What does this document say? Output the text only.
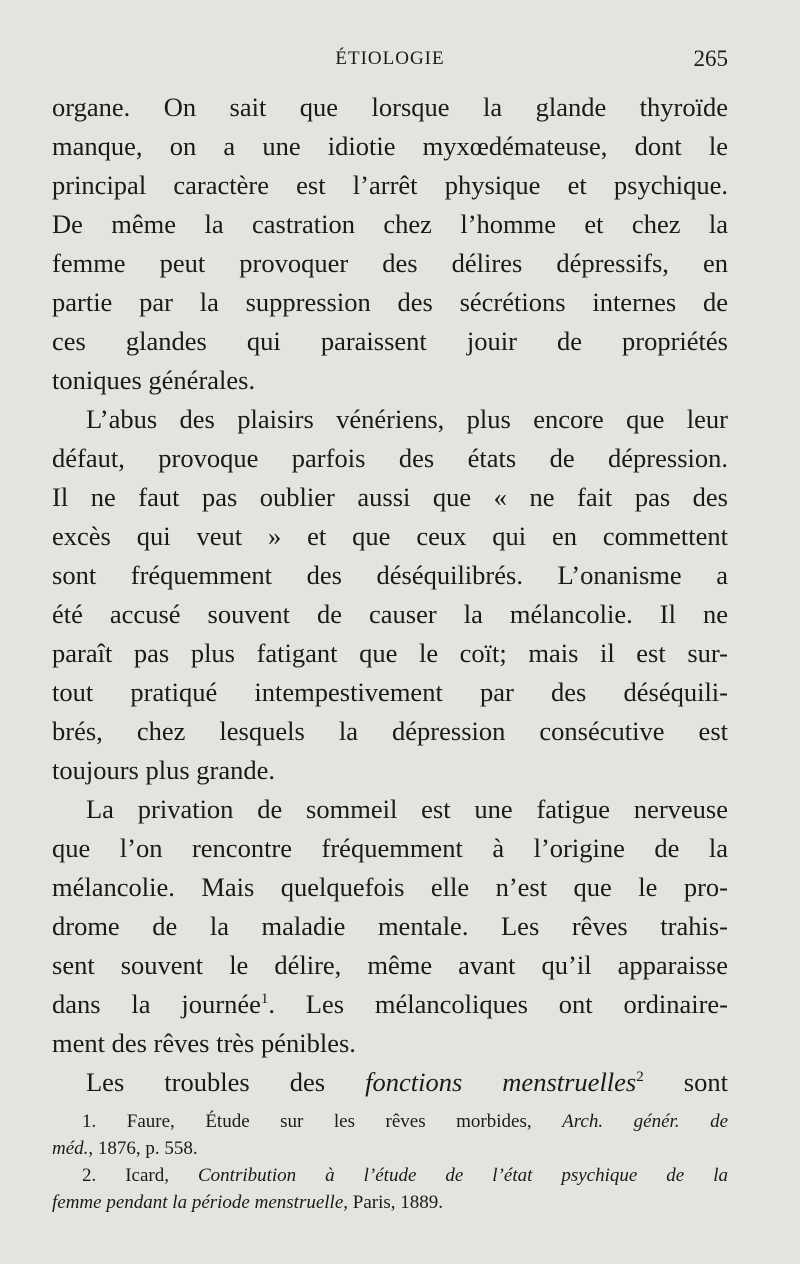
ÉTIOLOGIE	265
organe. On sait que lorsque la glande thyroïde
manque, on a une idiotie myxœdémateuse, dont le
principal caractère est l’arrêt physique et psychique.
De même la castration chez l’homme et chez la
femme peut provoquer des délires dépressifs, en
partie par la suppression des sécrétions internes de
ces glandes qui paraissent jouir de propriétés
toniques générales.
L’abus des plaisirs vénériens, plus encore que leur
défaut, provoque parfois des états de dépression.
Il ne faut pas oublier aussi que « ne fait pas des
excès qui veut » et que ceux qui en commettent
sont fréquemment des déséquilibrés. L’onanisme a
été accusé souvent de causer la mélancolie. Il ne
paraît pas plus fatigant que le coït; mais il est sur-
tout pratiqué intempestivement par des déséquili-
brés, chez lesquels la dépression consécutive est
toujours plus grande.
La privation de sommeil est une fatigue nerveuse
que l’on rencontre fréquemment à l’origine de la
mélancolie. Mais quelquefois elle n’est que le pro-
drome de la maladie mentale. Les rêves trahis-
sent souvent le délire, même avant qu’il apparaisse
dans la journée$^1$. Les mélancoliques ont ordinaire-
ment des rêves très pénibles.
Les troubles des fonctions menstruelles$^2$ sont
1. Faure, Étude sur les rêves morbides, Arch. génér. de
méd., 1876, p. 558.
2. Icard, Contribution à l’étude de l’état psychique de la
femme pendant la période menstruelle, Paris, 1889.
